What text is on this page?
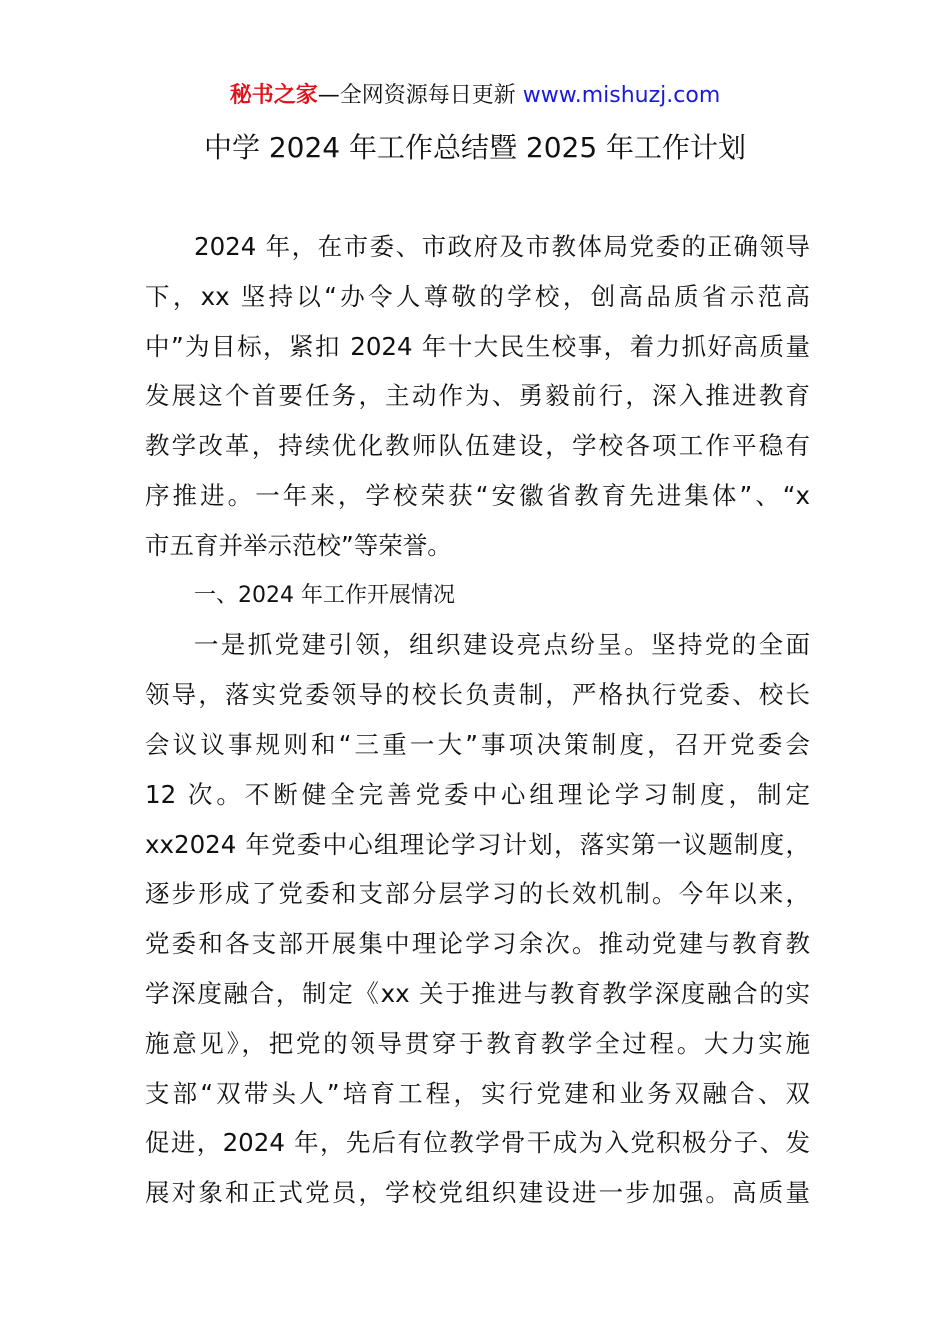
秘书之家—全网资源每日更新 www.mishuzj.com
中学 2024 年工作总结暨 2025 年工作计划
2024 年，在市委、市政府及市教体局党委的正确领导
下，xx 坚持以“办令人尊敬的学校，创高品质省示范高
中”为目标，紧扣 2024 年十大民生校事，着力抓好高质量
发展这个首要任务，主动作为、勇毅前行，深入推进教育
教学改革，持续优化教师队伍建设，学校各项工作平稳有
序推进。一年来，学校荣获“安徽省教育先进集体”、“x
市五育并举示范校”等荣誉。
一、2024 年工作开展情况
一是抓党建引领，组织建设亮点纷呈。坚持党的全面
领导，落实党委领导的校长负责制，严格执行党委、校长
会议议事规则和“三重一大”事项决策制度，召开党委会
12 次。不断健全完善党委中心组理论学习制度，制定
xx2024 年党委中心组理论学习计划，落实第一议题制度，
逐步形成了党委和支部分层学习的长效机制。今年以来，
党委和各支部开展集中理论学习余次。推动党建与教育教
学深度融合，制定《xx 关于推进与教育教学深度融合的实
施意见》，把党的领导贯穿于教育教学全过程。大力实施
支部“双带头人”培育工程，实行党建和业务双融合、双
促进，2024 年，先后有位教学骨干成为入党积极分子、发
展对象和正式党员，学校党组织建设进一步加强。高质量
